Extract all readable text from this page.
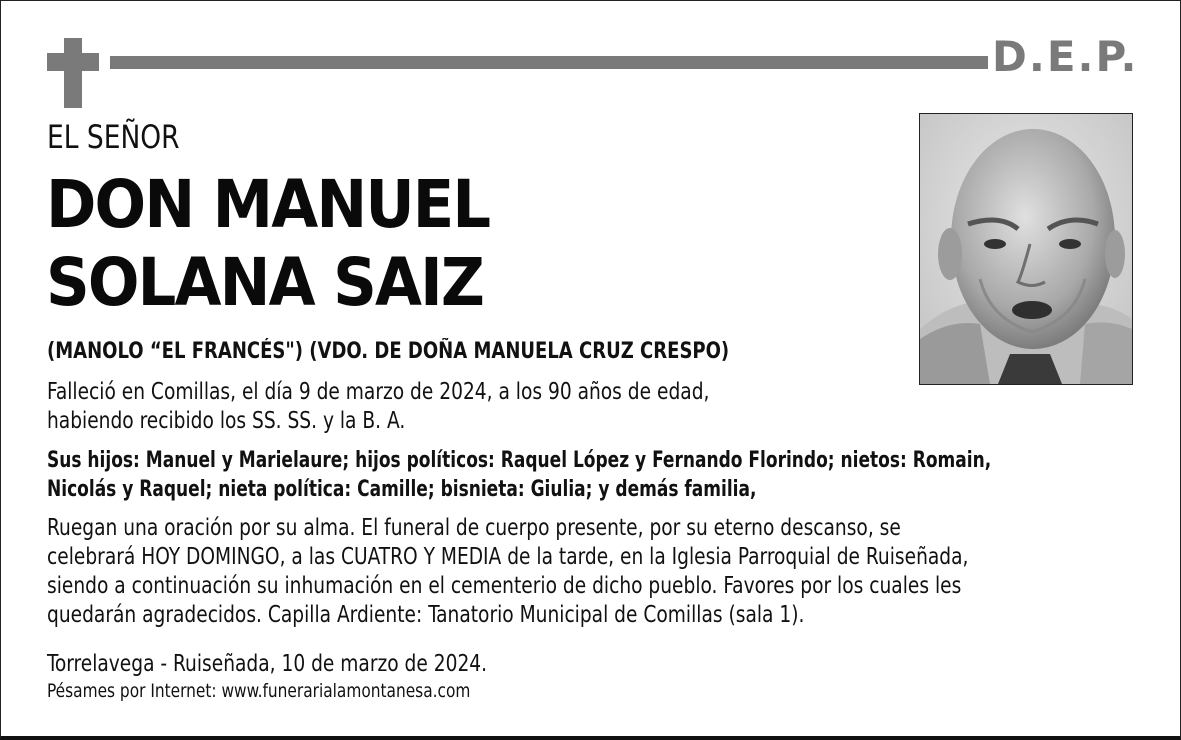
D.E.P.
EL SEÑOR
DON MANUEL
SOLANA SAIZ
(MANOLO “EL FRANCÉS") (VDO. DE DOÑA MANUELA CRUZ CRESPO)
Falleció en Comillas, el día 9 de marzo de 2024, a los 90 años de edad,
habiendo recibido los SS. SS. y la B. A.
Sus hijos: Manuel y Marielaure; hijos políticos: Raquel López y Fernando Florindo; nietos: Romain,
Nicolás y Raquel; nieta política: Camille; bisnieta: Giulia; y demás familia,
Ruegan una oración por su alma. El funeral de cuerpo presente, por su eterno descanso, se
celebrará HOY DOMINGO, a las CUATRO Y MEDIA de la tarde, en la Iglesia Parroquial de Ruiseñada,
siendo a continuación su inhumación en el cementerio de dicho pueblo. Favores por los cuales les
quedarán agradecidos. Capilla Ardiente: Tanatorio Municipal de Comillas (sala 1).
Torrelavega - Ruiseñada, 10 de marzo de 2024.
Pésames por Internet: www.funerarialamontanesa.com
